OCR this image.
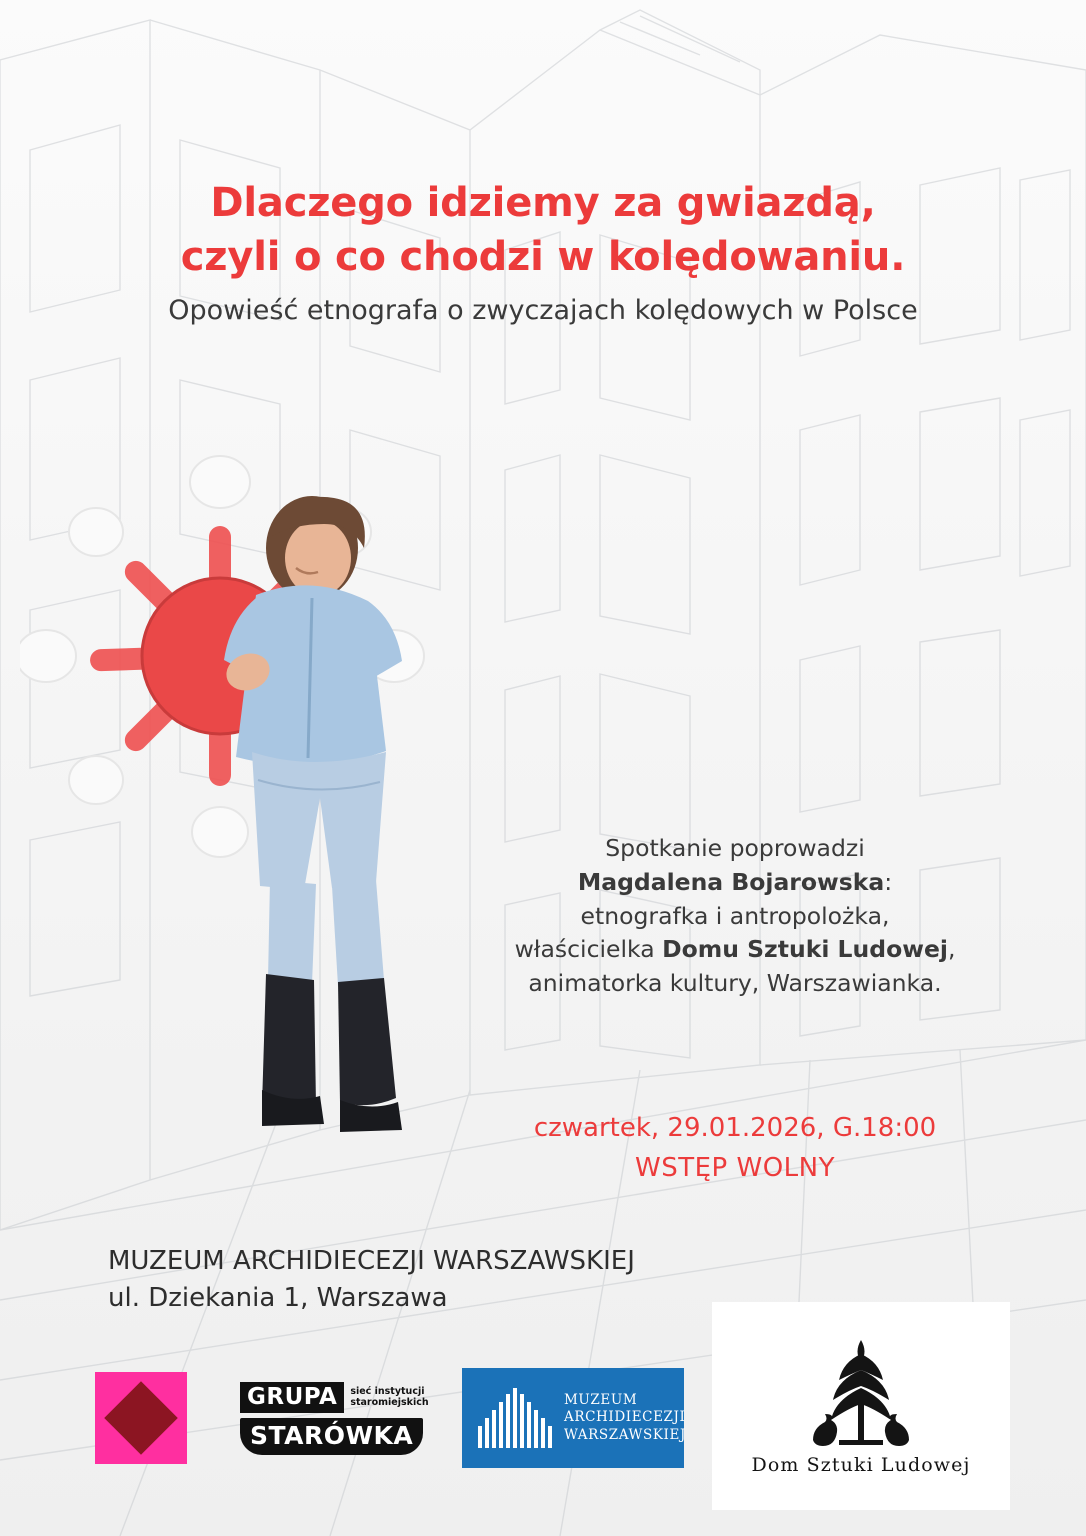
Dlaczego idziemy za gwiazdą,
czyli o co chodzi w kolędowaniu.
Opowieść etnografa o zwyczajach kolędowych w Polsce
Spotkanie poprowadzi
Magdalena Bojarowska:
etnografka i antropolożka,
właścicielka Domu Sztuki Ludowej,
animatorka kultury, Warszawianka.
czwartek, 29.01.2026, G.18:00
WSTĘP WOLNY
MUZEUM ARCHIDIECEZJI WARSZAWSKIEJ
ul. Dziekania 1, Warszawa
GRUPA	sieć instytucji
staromiejskich
STARÓWKA
MUZEUM
ARCHIDIECEZJI
WARSZAWSKIEJ
Dom Sztuki Ludowej
